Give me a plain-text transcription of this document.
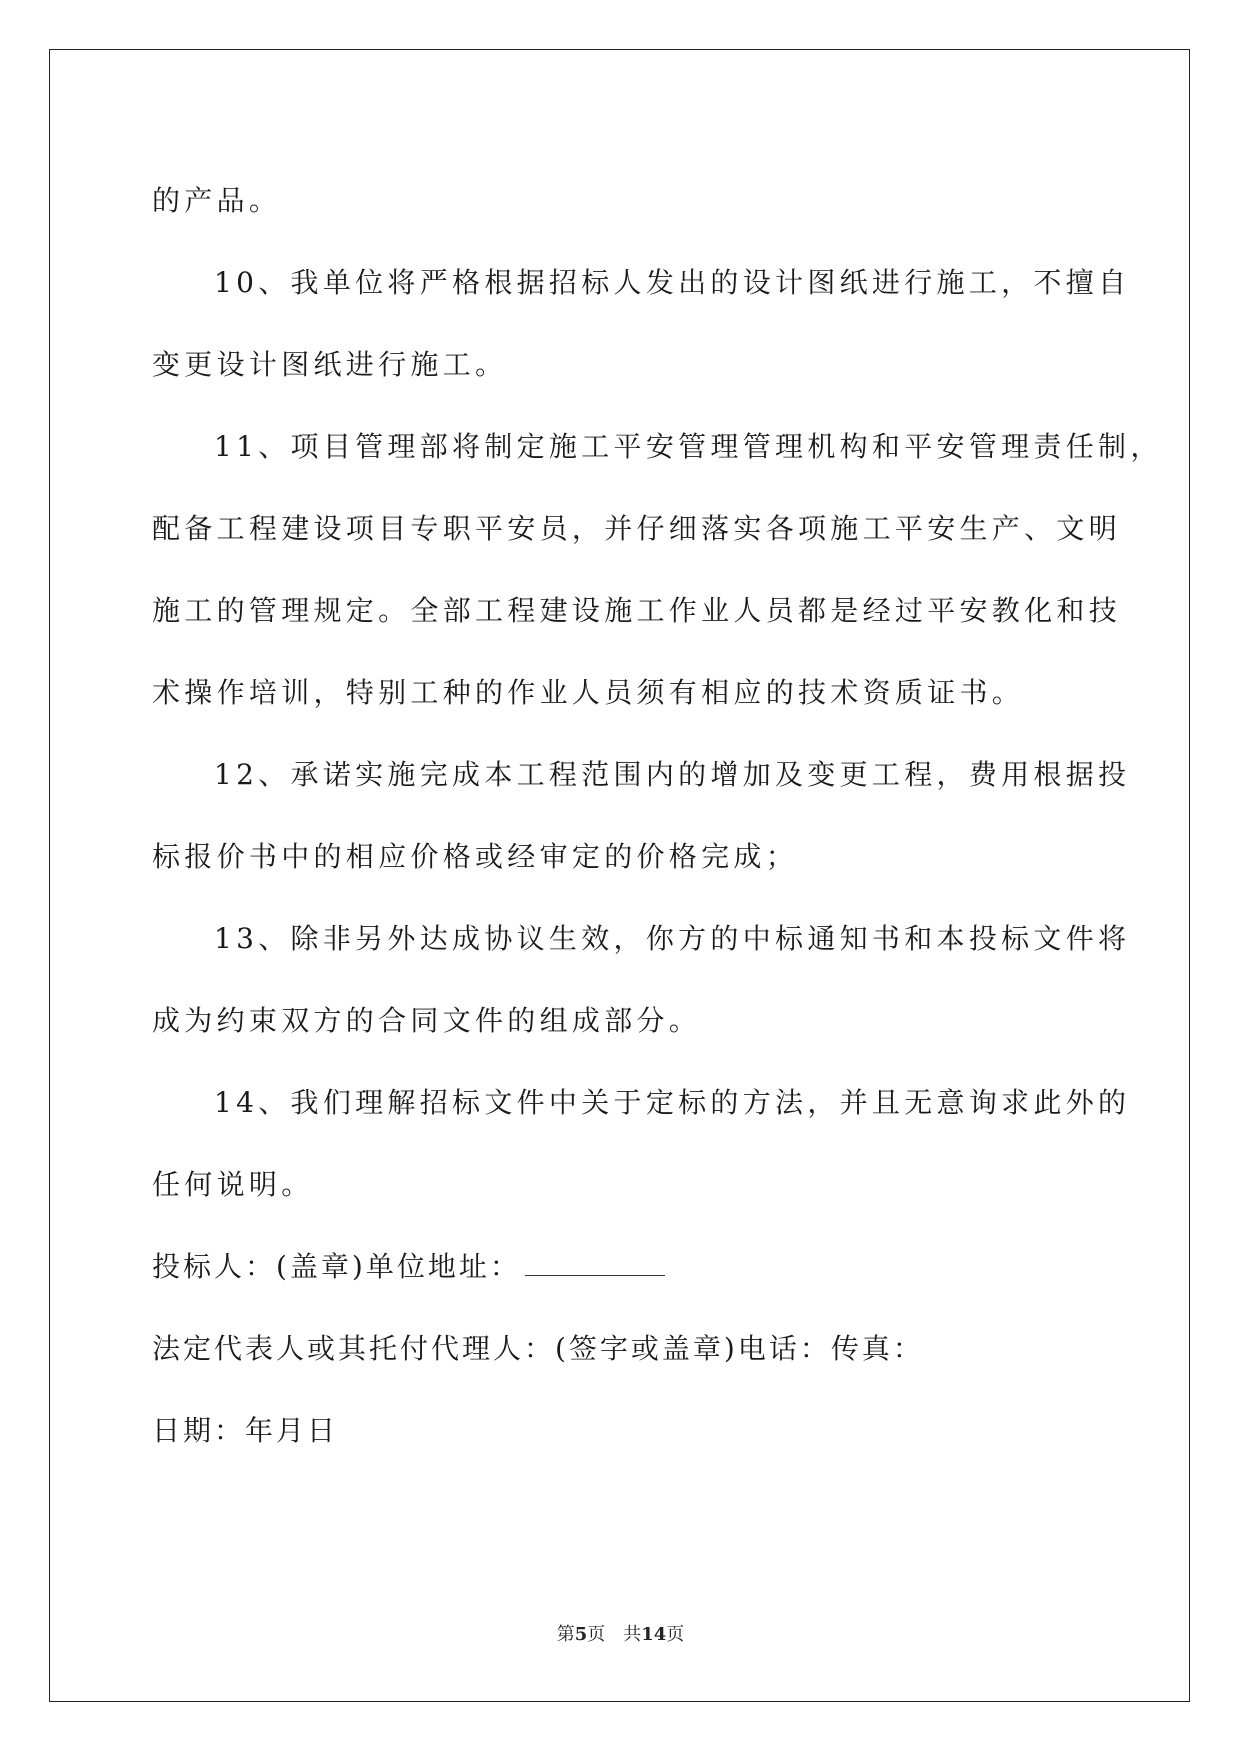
的产品。
10、我单位将严格根据招标人发出的设计图纸进行施工，不擅自
变更设计图纸进行施工。
11、项目管理部将制定施工平安管理管理机构和平安管理责任制，
配备工程建设项目专职平安员，并仔细落实各项施工平安生产、文明
施工的管理规定。全部工程建设施工作业人员都是经过平安教化和技
术操作培训，特别工种的作业人员须有相应的技术资质证书。
12、承诺实施完成本工程范围内的增加及变更工程，费用根据投
标报价书中的相应价格或经审定的价格完成；
13、除非另外达成协议生效，你方的中标通知书和本投标文件将
成为约束双方的合同文件的组成部分。
14、我们理解招标文件中关于定标的方法，并且无意询求此外的
任何说明。
投标人：(盖章)单位地址：
法定代表人或其托付代理人：(签字或盖章)电话：传真：
日期：年月日
第5页　共14页
